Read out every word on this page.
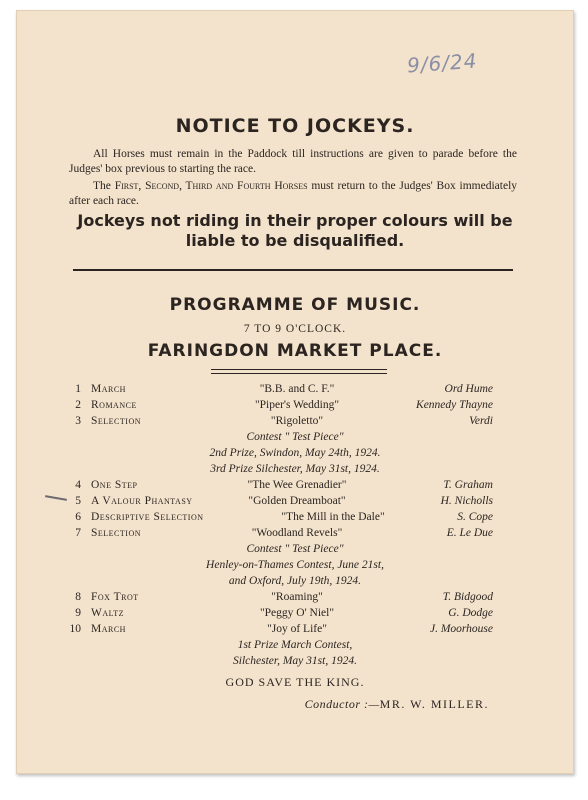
9/6/24
NOTICE TO JOCKEYS.
All Horses must remain in the Paddock till instructions are given to parade before the Judges' box previous to starting the race.
The First, Second, Third and Fourth Horses must return to the Judges' Box immediately after each race.
Jockeys not riding in their proper colours will be liable to be disqualified.
PROGRAMME OF MUSIC.
7 TO 9 O'CLOCK.
FARINGDON MARKET PLACE.
1 March	"B.B. and C. F."	Ord Hume
2 Romance	"Piper's Wedding"	Kennedy Thayne
3 Selection	"Rigoletto"	Verdi
Contest " Test Piece"
2nd Prize, Swindon, May 24th, 1924.
3rd Prize Silchester, May 31st, 1924.
4 One Step	"The Wee Grenadier"	T. Graham
5 A Valour Phantasy	"Golden Dreamboat"	H. Nicholls
6 Descriptive Selection	"The Mill in the Dale"	S. Cope
7 Selection	"Woodland Revels"	E. Le Due
Contest " Test Piece"
Henley-on-Thames Contest, June 21st,
and Oxford, July 19th, 1924.
8 Fox Trot	"Roaming"	T. Bidgood
9 Waltz	"Peggy O' Niel"	G. Dodge
10 March	"Joy of Life"	J. Moorhouse
1st Prize March Contest,
Silchester, May 31st, 1924.
GOD SAVE THE KING.
Conductor :—MR. W. MILLER.
